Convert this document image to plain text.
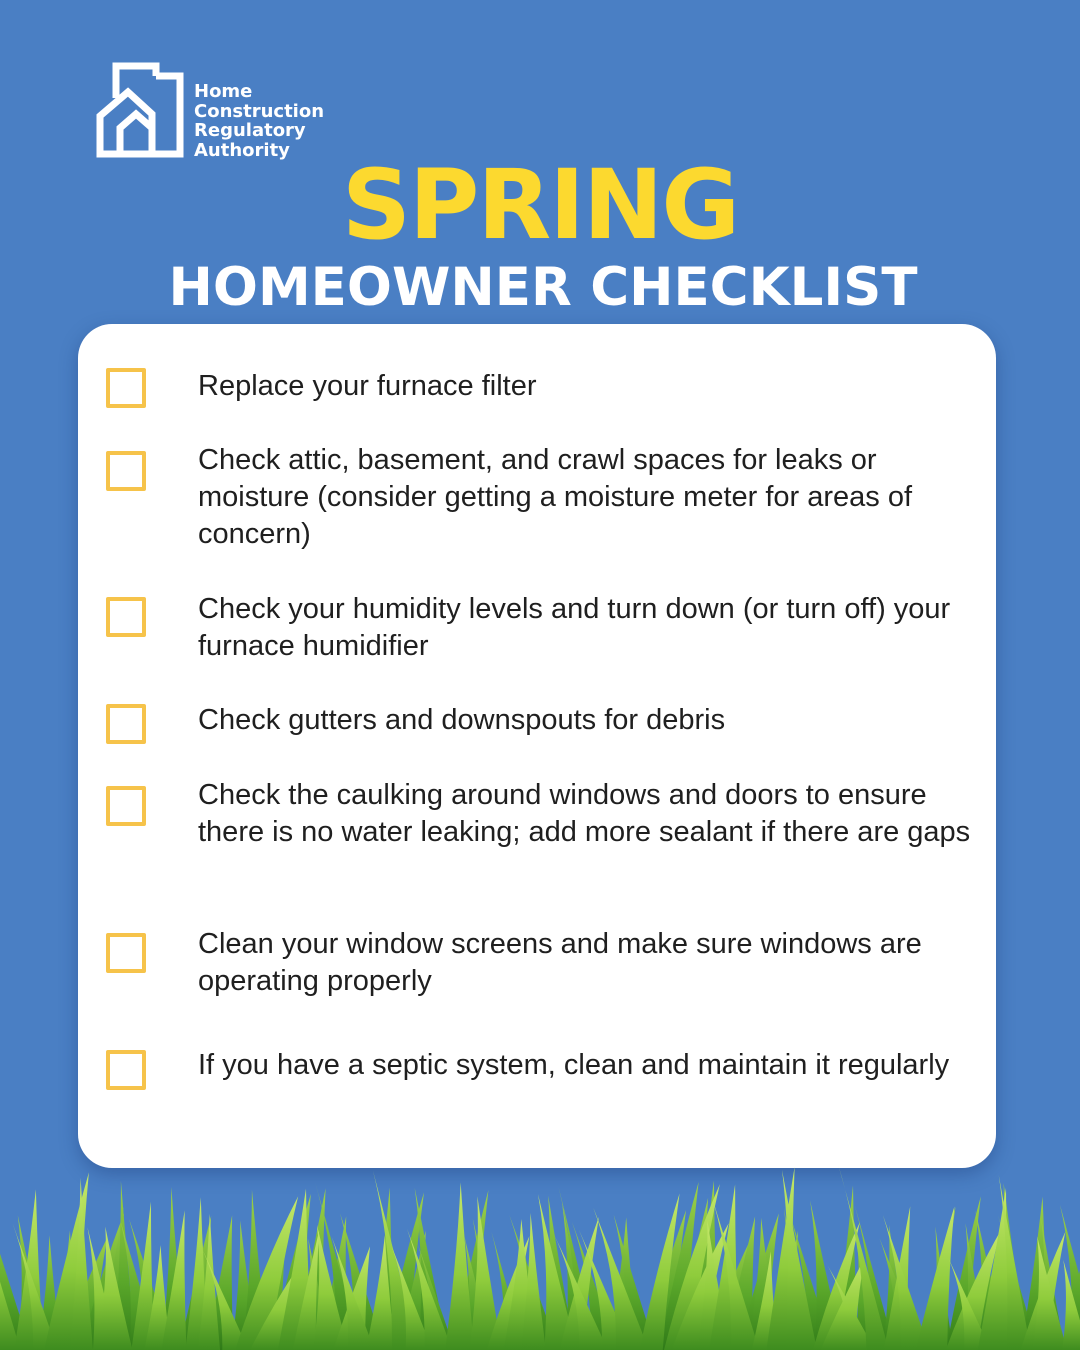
Home
Construction
Regulatory
Authority SPRING
HOMEOWNER CHECKLIST
Replace your furnace filter
Check attic, basement, and crawl spaces for leaks or moisture (consider getting a moisture meter for areas of concern)
Check your humidity levels and turn down (or turn off) your furnace humidifier
Check gutters and downspouts for debris
Check the caulking around windows and doors to ensure there is no water leaking; add more sealant if there are gaps
Clean your window screens and make sure windows are operating properly
If you have a septic system, clean and maintain it regularly
